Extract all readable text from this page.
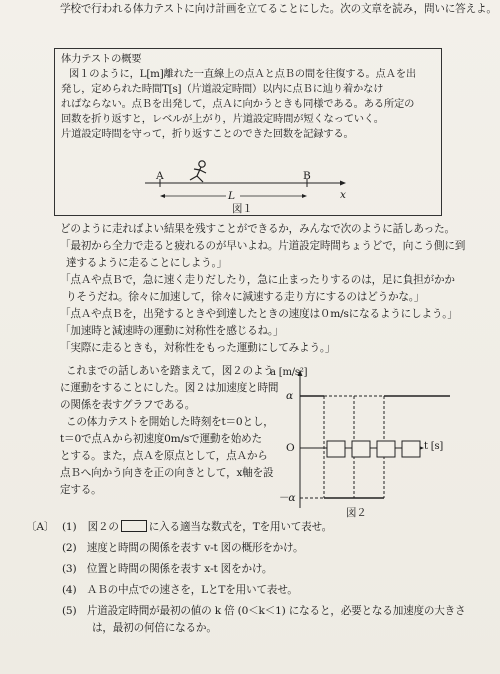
学校で行われる体力テストに向け計画を立てることにした。次の文章を読み，問いに答えよ。
体力テストの概要
図１のように，L[m]離れた一直線上の点Ａと点Ｂの間を往復する。点Ａを出
発し，定められた時間T[s]（片道設定時間）以内に点Ｂに辿り着かなけ
ればならない。点Ｂを出発して，点Ａに向かうときも同様である。ある所定の
回数を折り返すと，レベルが上がり，片道設定時間が短くなっていく。
片道設定時間を守って，折り返すことのできた回数を記録する。
A	B
L	x
図１
どのように走ればよい結果を残すことができるか，みんなで次のように話しあった。
「最初から全力で走ると疲れるのが早いよね。片道設定時間ちょうどで，向こう側に到
達するように走ることにしよう。」
「点Ａや点Ｂで，急に速く走りだしたり，急に止まったりするのは，足に負担がかか
りそうだね。徐々に加速して，徐々に減速する走り方にするのはどうかな。」
「点Ａや点Ｂを，出発するときや到達したときの速度は０m/sになるようにしよう。」
「加速時と減速時の運動に対称性を感じるね。」
「実際に走るときも，対称性をもった運動にしてみよう。」
これまでの話しあいを踏まえて，図２のよう
に運動をすることにした。図２は加速度と時間
の関係を表すグラフである。
この体力テストを開始した時刻をt＝0とし，
t＝0で点Ａから初速度0m/sで運動を始めた
とする。また，点Ａを原点として，点Ａから
点Ｂへ向かう向きを正の向きとして，x軸を設
定する。
a [m/s²]
α
O	t [s]
－α
図２
〔A〕 (1) 図２の	に入る適当な数式を，Tを用いて表せ。
(2)　速度と時間の関係を表す v‑t 図の概形をかけ。
(3)　位置と時間の関係を表す x‑t 図をかけ。
(4)　ＡＢの中点での速さを，LとTを用いて表せ。
(5)　片道設定時間が最初の値の k 倍 (0＜k＜1) になると，必要となる加速度の大きさ
は，最初の何倍になるか。
